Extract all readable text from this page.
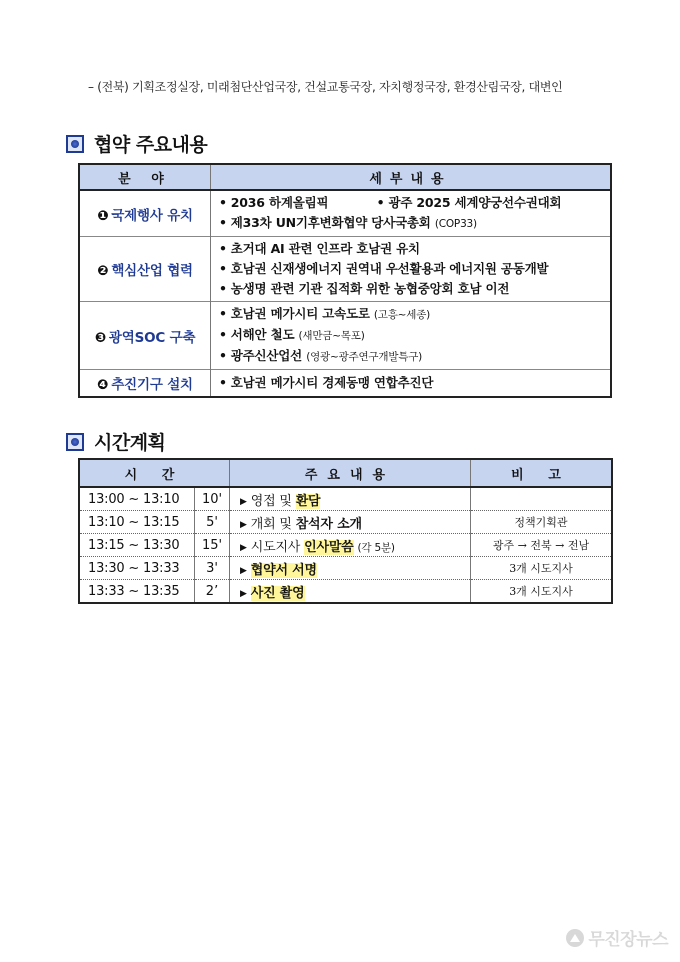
– (전북) 기획조정실장, 미래첨단산업국장, 건설교통국장, 자치행정국장, 환경산림국장, 대변인
협약 주요내용
분 야	세부내용
❶ 국제행사 유치	• 2036 하계올림픽 • 광주 2025 세계양궁선수권대회
• 제33차 UN기후변화협약 당사국총회 (COP33)

❷ 핵심산업 협력	• 초거대 AI 관련 인프라 호남권 유치
• 호남권 신재생에너지 권역내 우선활용과 에너지원 공동개발
• 농생명 관련 기관 집적화 위한 농협중앙회 호남 이전

❸ 광역SOC 구축	• 호남권 메가시티 고속도로 (고흥~세종)
• 서해안 철도 (새만금~목포)
• 광주신산업선 (영광~광주연구개발특구)

❹ 추진기구 설치	• 호남권 메가시티 경제동맹 연합추진단
시간계획
시 간		주요내용	비 고
13:00 ~ 13:10	10'	▶ 영접 및 환담	
13:10 ~ 13:15	5'	▶ 개회 및 참석자 소개	정책기획관
13:15 ~ 13:30	15'	▶ 시도지사 인사말씀 (각 5분)	광주 → 전북 → 전남
13:30 ~ 13:33	3'	▶ 협약서 서명	3개 시도지사
13:33 ~ 13:35	2’	▶ 사진 촬영	3개 시도지사
무진장뉴스
